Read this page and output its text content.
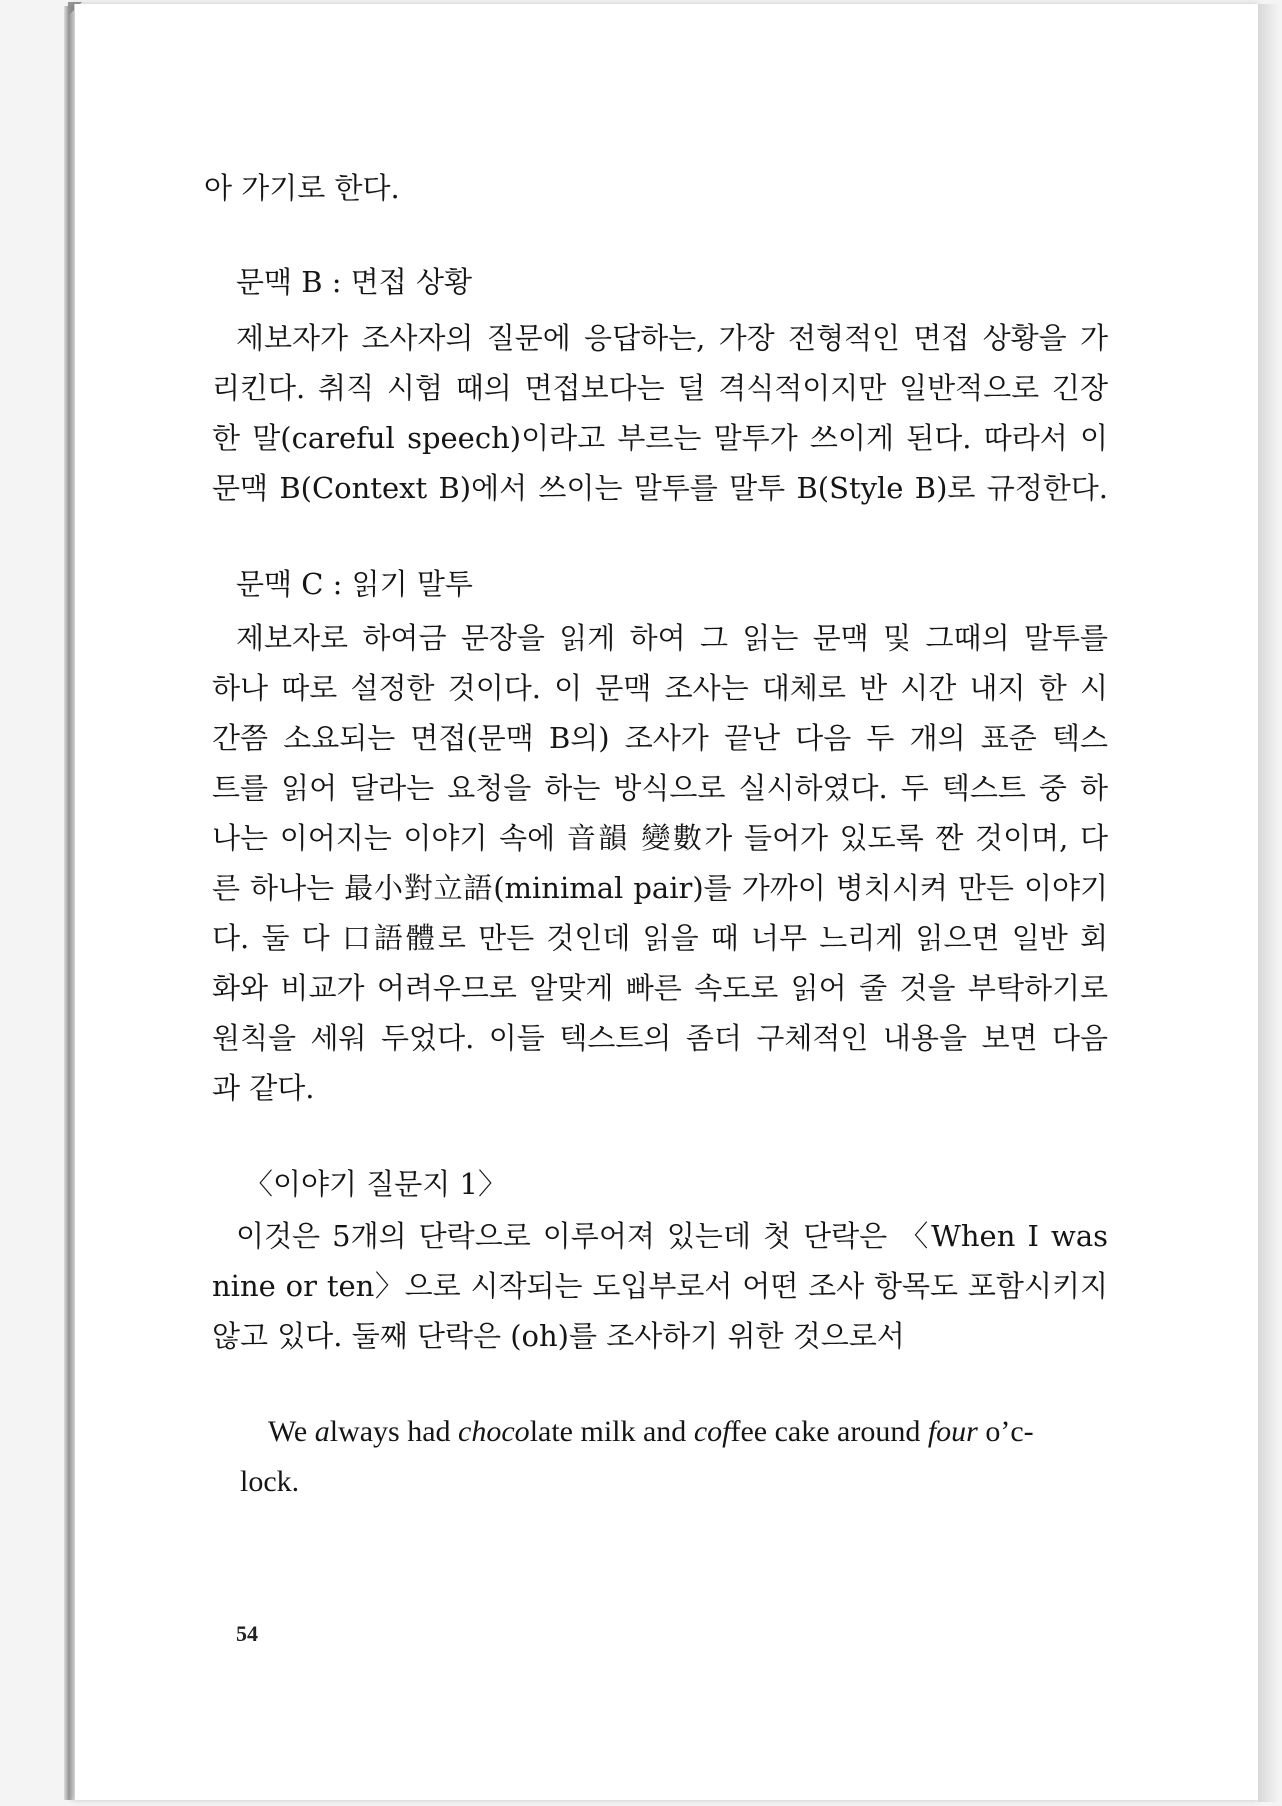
아 가기로 한다.
문맥 B : 면접 상황
제보자가 조사자의 질문에 응답하는, 가장 전형적인 면접 상황을 가
리킨다. 취직 시험 때의 면접보다는 덜 격식적이지만 일반적으로 긴장
한 말(careful speech)이라고 부르는 말투가 쓰이게 된다. 따라서 이
문맥 B(Context B)에서 쓰이는 말투를 말투 B(Style B)로 규정한다.
문맥 C : 읽기 말투
제보자로 하여금 문장을 읽게 하여 그 읽는 문맥 및 그때의 말투를
하나 따로 설정한 것이다. 이 문맥 조사는 대체로 반 시간 내지 한 시
간쯤 소요되는 면접(문맥 B의) 조사가 끝난 다음 두 개의 표준 텍스
트를 읽어 달라는 요청을 하는 방식으로 실시하였다. 두 텍스트 중 하
나는 이어지는 이야기 속에 音韻 變數가 들어가 있도록 짠 것이며, 다
른 하나는 最小對立語(minimal pair)를 가까이 병치시켜 만든 이야기
다. 둘 다 口語體로 만든 것인데 읽을 때 너무 느리게 읽으면 일반 회
화와 비교가 어려우므로 알맞게 빠른 속도로 읽어 줄 것을 부탁하기로
원칙을 세워 두었다. 이들 텍스트의 좀더 구체적인 내용을 보면 다음
과 같다.
〈이야기 질문지 1〉
이것은 5개의 단락으로 이루어져 있는데 첫 단락은 〈When I was
nine or ten〉으로 시작되는 도입부로서 어떤 조사 항목도 포함시키지
않고 있다. 둘째 단락은 (oh)를 조사하기 위한 것으로서
We always had chocolate milk and coffee cake around four o’c-
lock.
54
